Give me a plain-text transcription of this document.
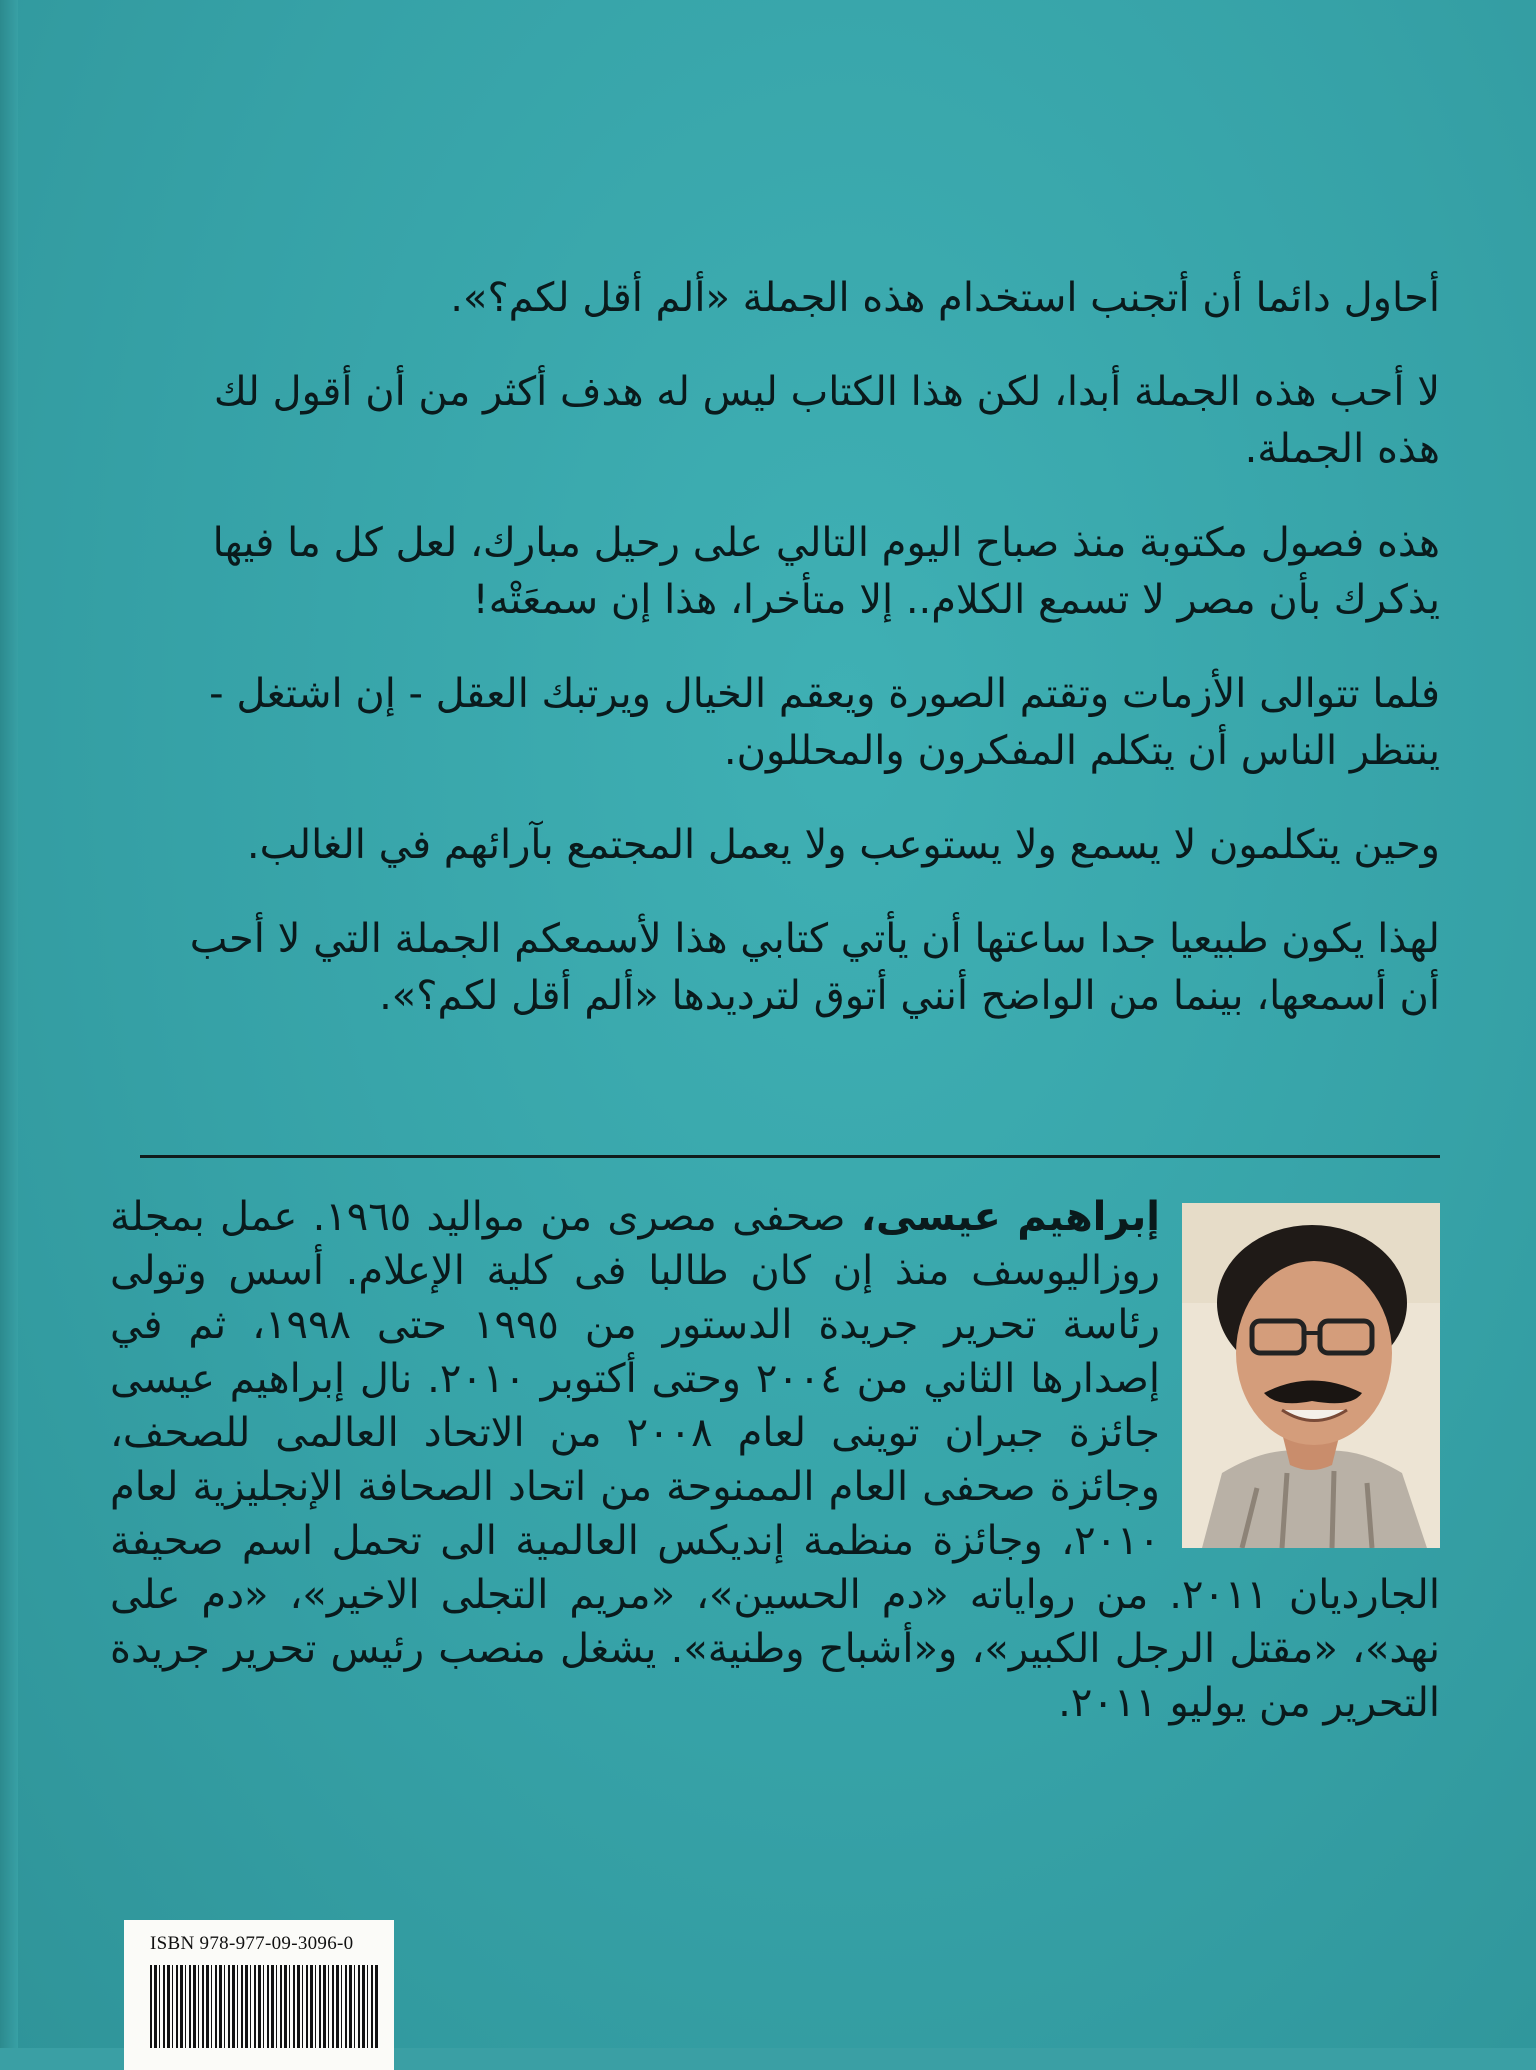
أحاول دائما أن أتجنب استخدام هذه الجملة «ألم أقل لكم؟».

لا أحب هذه الجملة أبدا، لكن هذا الكتاب ليس له هدف أكثر من أن أقول لك هذه الجملة.

هذه فصول مكتوبة منذ صباح اليوم التالي على رحيل مبارك، لعل كل ما فيها يذكرك بأن مصر لا تسمع الكلام.. إلا متأخرا، هذا إن سمعَتْه!

فلما تتوالى الأزمات وتقتم الصورة ويعقم الخيال ويرتبك العقل - إن اشتغل - ينتظر الناس أن يتكلم المفكرون والمحللون.

وحين يتكلمون لا يسمع ولا يستوعب ولا يعمل المجتمع بآرائهم في الغالب.

لهذا يكون طبيعيا جدا ساعتها أن يأتي كتابي هذا لأسمعكم الجملة التي لا أحب أن أسمعها، بينما من الواضح أنني أتوق لترديدها «ألم أقل لكم؟».

إبراهيم عيسى، صحفى مصرى من مواليد ١٩٦٥. عمل بمجلة روزاليوسف منذ إن كان طالبا فى كلية الإعلام. أسس وتولى رئاسة تحرير جريدة الدستور من ١٩٩٥ حتى ١٩٩٨، ثم في إصدارها الثاني من ٢٠٠٤ وحتى أكتوبر ٢٠١٠. نال إبراهيم عيسى جائزة جبران توينى لعام ٢٠٠٨ من الاتحاد العالمى للصحف، وجائزة صحفى العام الممنوحة من اتحاد الصحافة الإنجليزية لعام ٢٠١٠، وجائزة منظمة إنديكس العالمية الى تحمل اسم صحيفة الجارديان ٢٠١١. من رواياته «دم الحسين»، «مريم التجلى الاخير»، «دم على نهد»، «مقتل الرجل الكبير»، و«أشباح وطنية». يشغل منصب رئيس تحرير جريدة التحرير من يوليو ٢٠١١.

ISBN 978-977-09-3096-0
